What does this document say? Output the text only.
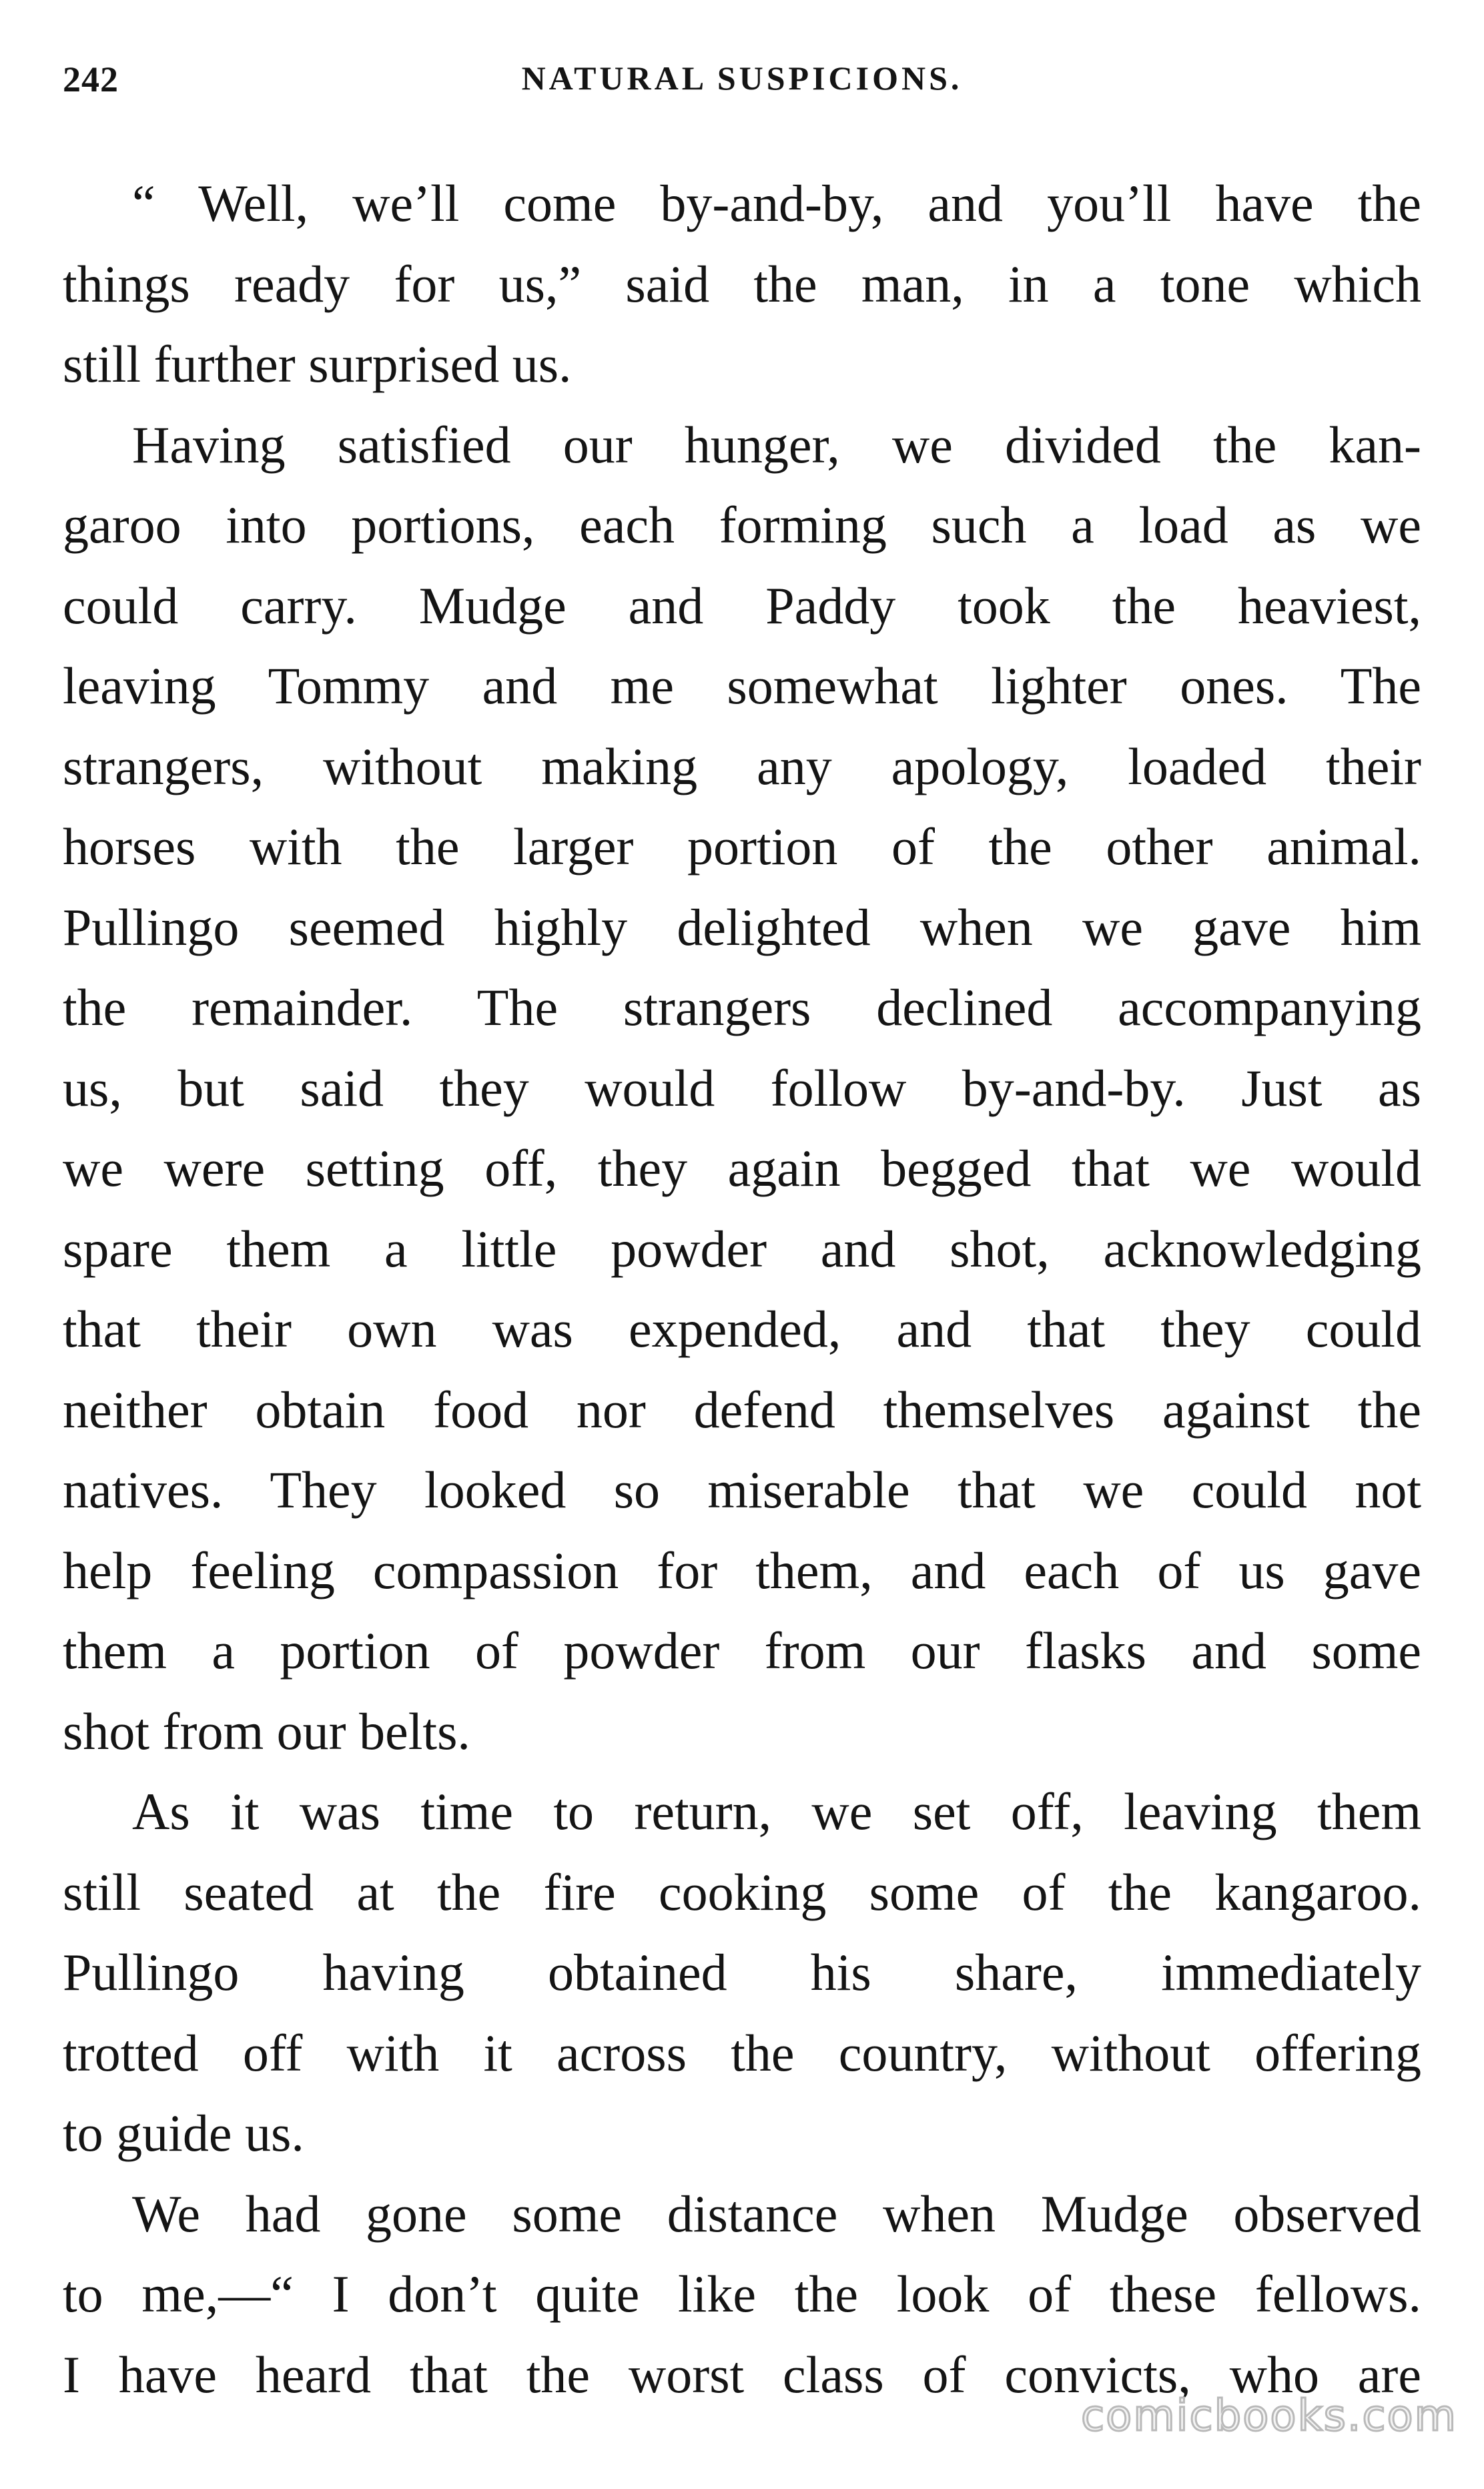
242	NATURAL SUSPICIONS.
“ Well, we’ll come by-and-by, and you’ll have the
things ready for us,” said the man, in a tone which
still further surprised us.
Having satisfied our hunger, we divided the kan-
garoo into portions, each forming such a load as we
could carry. Mudge and Paddy took the heaviest,
leaving Tommy and me somewhat lighter ones. The
strangers, without making any apology, loaded their
horses with the larger portion of the other animal.
Pullingo seemed highly delighted when we gave him
the remainder. The strangers declined accompanying
us, but said they would follow by-and-by. Just as
we were setting off, they again begged that we would
spare them a little powder and shot, acknowledging
that their own was expended, and that they could
neither obtain food nor defend themselves against the
natives. They looked so miserable that we could not
help feeling compassion for them, and each of us gave
them a portion of powder from our flasks and some
shot from our belts.
As it was time to return, we set off, leaving them
still seated at the fire cooking some of the kangaroo.
Pullingo having obtained his share, immediately
trotted off with it across the country, without offering
to guide us.
We had gone some distance when Mudge observed
to me,—“ I don’t quite like the look of these fellows.
I have heard that the worst class of convicts, who are
comicbooks.com
